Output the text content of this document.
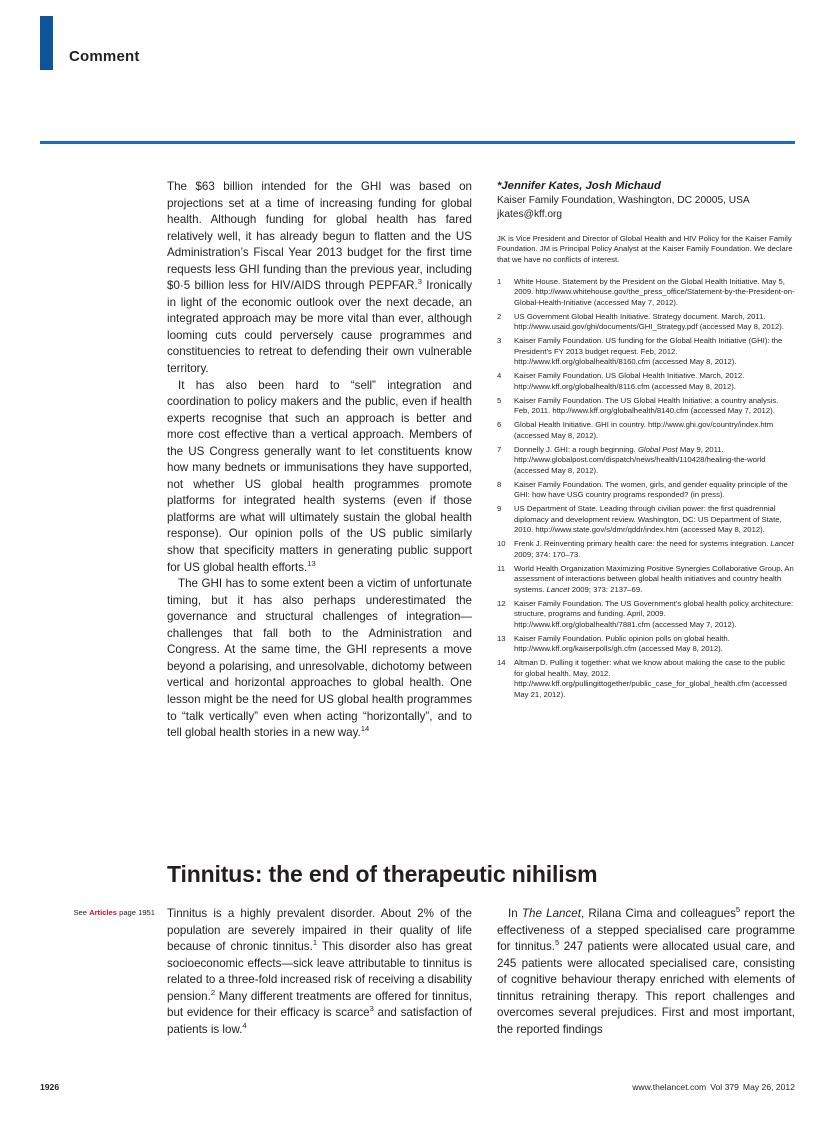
Comment

The $63 billion intended for the GHI was based on projections set at a time of increasing funding for global health. Although funding for global health has fared relatively well, it has already begun to flatten and the US Administration’s Fiscal Year 2013 budget for the first time requests less GHI funding than the previous year, including $0·5 billion less for HIV/AIDS through PEPFAR.$^3$ Ironically in light of the economic outlook over the next decade, an integrated approach may be more vital than ever, although looming cuts could perversely cause programmes and constituencies to retreat to defending their own vulnerable territory.

It has also been hard to “sell” integration and coordination to policy makers and the public, even if health experts recognise that such an approach is better and more cost effective than a vertical approach. Members of the US Congress generally want to let constituents know how many bednets or immunisations they have supported, not whether US global health programmes promote platforms for integrated health systems (even if those platforms are what will ultimately sustain the global health response). Our opinion polls of the US public similarly show that specificity matters in generating public support for US global health efforts.$^{13}$

The GHI has to some extent been a victim of unfortunate timing, but it has also perhaps underestimated the governance and structural challenges of integration—challenges that fall both to the Administration and Congress. At the same time, the GHI represents a move beyond a polarising, and unresolvable, dichotomy between vertical and horizontal approaches to global health. One lesson might be the need for US global health programmes to “talk vertically” even when acting “horizontally”, and to tell global health stories in a new way.$^{14}$

*Jennifer Kates, Josh Michaud

Kaiser Family Foundation, Washington, DC 20005, USA

jkates@kff.org

JK is Vice President and Director of Global Health and HIV Policy for the Kaiser Family Foundation. JM is Principal Policy Analyst at the Kaiser Family Foundation. We declare that we have no conflicts of interest.

1	White House. Statement by the President on the Global Health Initiative. May 5, 2009. http://www.whitehouse.gov/the_press_office/Statement-by-the-President-on-Global-Health-Initiative (accessed May 7, 2012).
2	US Government Global Health Initiative. Strategy document. March, 2011. http://www.usaid.gov/ghi/documents/GHI_Strategy.pdf (accessed May 8, 2012).
3	Kaiser Family Foundation. US funding for the Global Health Initiative (GHI): the President’s FY 2013 budget request. Feb, 2012. http://www.kff.org/globalhealth/8160.cfm (accessed May 8, 2012).
4	Kaiser Family Foundation. US Global Health Initiative. March, 2012. http://www.kff.org/globalhealth/8116.cfm (accessed May 8, 2012).
5	Kaiser Family Foundation. The US Global Health Initiative: a country analysis. Feb, 2011. http://www.kff.org/globalhealth/8140.cfm (accessed May 7, 2012).
6	Global Health Initiative. GHI in country. http://www.ghi.gov/country/index.htm (accessed May 8, 2012).
7	Donnelly J. GHI: a rough beginning. Global Post May 9, 2011. http://www.globalpost.com/dispatch/news/health/110428/healing-the-world (accessed May 8, 2012).
8	Kaiser Family Foundation. The women, girls, and gender equality principle of the GHI: how have USG country programs responded? (in press).
9	US Department of State. Leading through civilian power: the first quadrennial diplomacy and development review. Washington, DC: US Department of State, 2010. http://www.state.gov/s/dmr/qddr/index.htm (accessed May 8, 2012).
10	Frenk J. Reinventing primary health care: the need for systems integration. Lancet 2009; 374: 170–73.
11	World Health Organization Maximizing Positive Synergies Collaborative Group. An assessment of interactions between global health initiatives and country health systems. Lancet 2009; 373: 2137–69.
12	Kaiser Family Foundation. The US Government’s global health policy architecture: structure, programs and funding. April, 2009. http://www.kff.org/globalhealth/7881.cfm (accessed May 7, 2012).
13	Kaiser Family Foundation. Public opinion polls on global health. http://www.kff.org/kaiserpolls/gh.cfm (accessed May 8, 2012).
14	Altman D. Pulling it together: what we know about making the case to the public for global health. May, 2012. http://www.kff.org/pullingittogether/public_case_for_global_health.cfm (accessed May 21, 2012).
Tinnitus: the end of therapeutic nihilism
See Articles page 1951 Tinnitus is a highly prevalent disorder. About 2% of the population are severely impaired in their quality of life because of chronic tinnitus.$^1$ This disorder also has great socioeconomic effects—sick leave attributable to tinnitus is related to a three-fold increased risk of receiving a disability pension.$^2$ Many different treatments are offered for tinnitus, but evidence for their efficacy is scarce$^3$ and satisfaction of patients is low.$^4$

In The Lancet, Rilana Cima and colleagues$^5$ report the effectiveness of a stepped specialised care programme for tinnitus.$^5$ 247 patients were allocated usual care, and 245 patients were allocated specialised care, consisting of cognitive behaviour therapy enriched with elements of tinnitus retraining therapy. This report challenges and overcomes several prejudices. First and most important, the reported findings

1926	www.thelancet.com Vol 379 May 26, 2012
